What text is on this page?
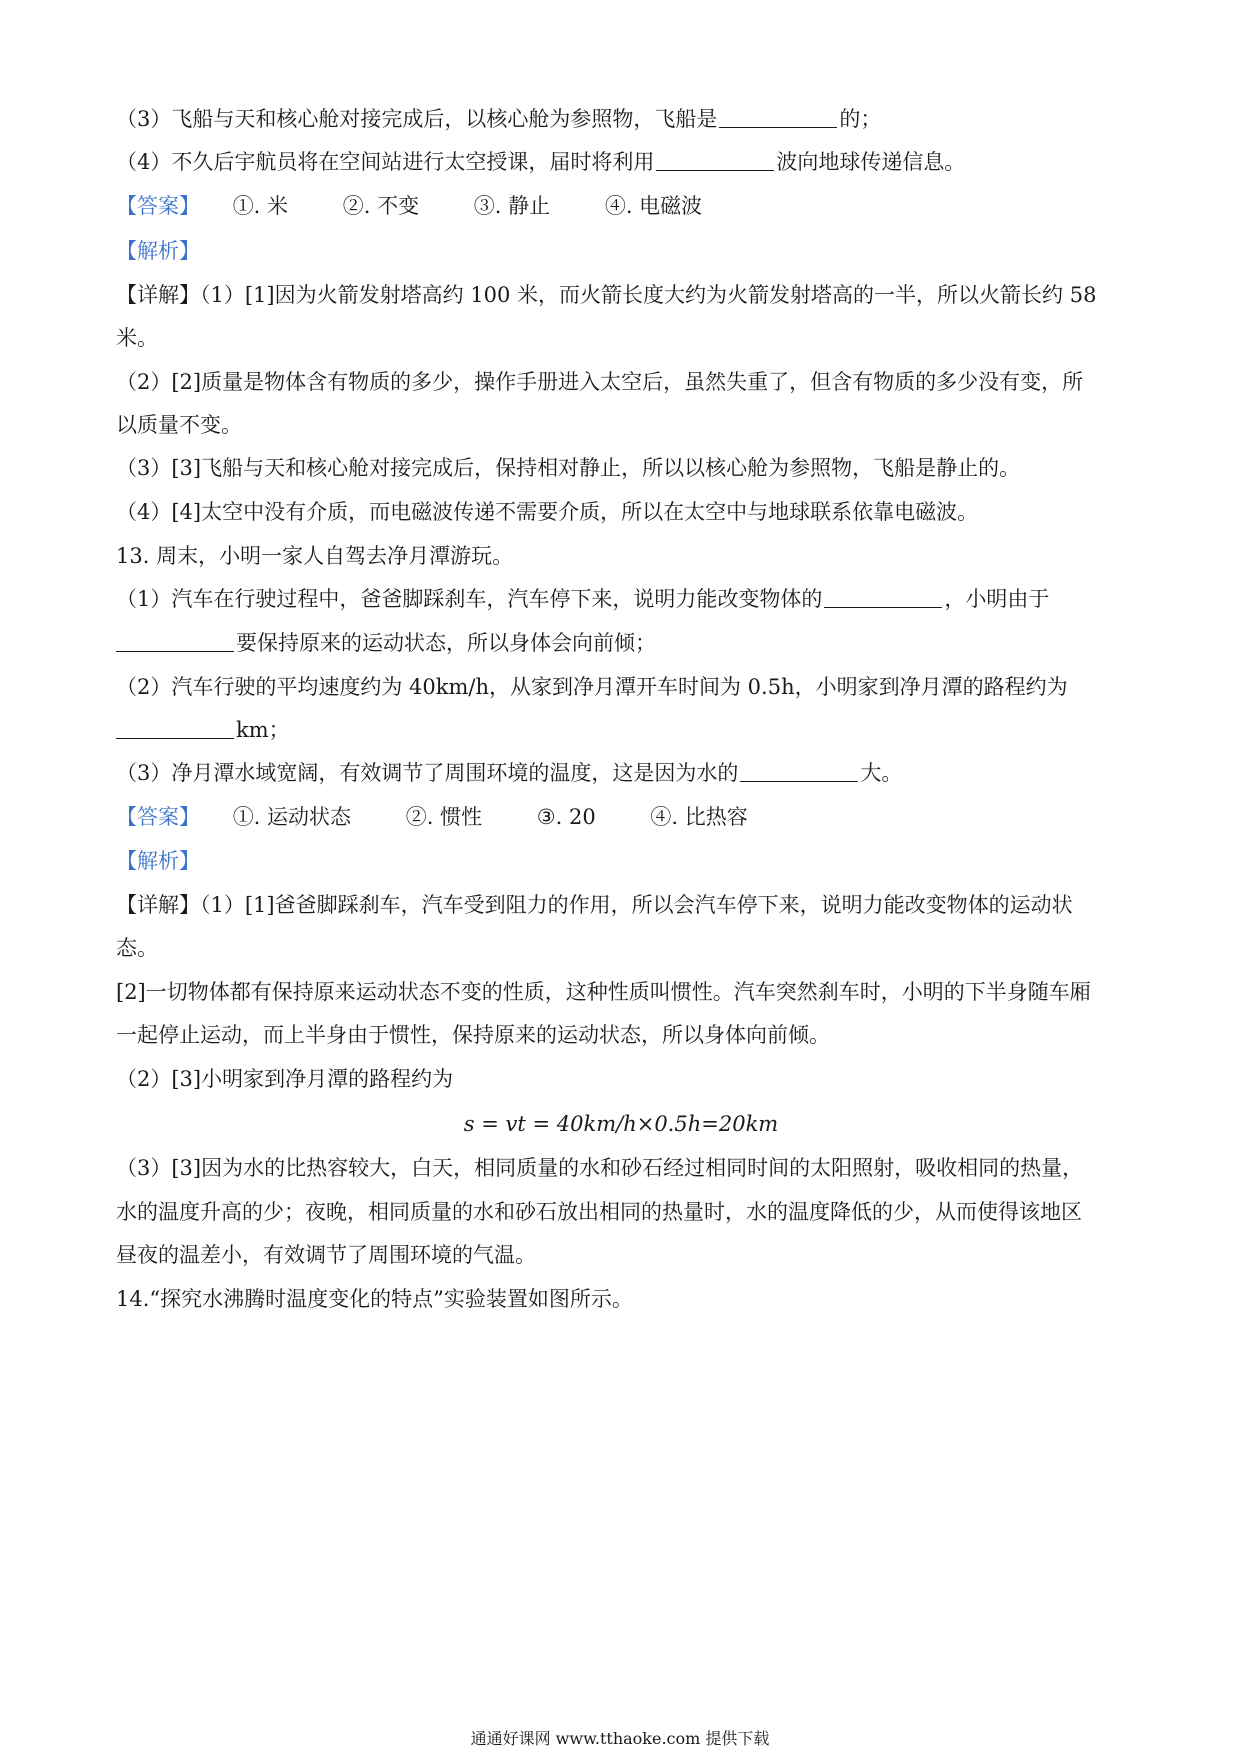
（3）飞船与天和核心舱对接完成后，以核心舱为参照物，飞船是	的；
（4）不久后宇航员将在空间站进行太空授课，届时将利用	波向地球传递信息。
【答案】 ①. 米	②. 不变	③. 静止	④. 电磁波
【解析】
【详解】（1）[1]因为火箭发射塔高约 100 米，而火箭长度大约为火箭发射塔高的一半，所以火箭长约 58
米。
（2）[2]质量是物体含有物质的多少，操作手册进入太空后，虽然失重了，但含有物质的多少没有变，所
以质量不变。
（3）[3]飞船与天和核心舱对接完成后，保持相对静止，所以以核心舱为参照物，飞船是静止的。
（4）[4]太空中没有介质，而电磁波传递不需要介质，所以在太空中与地球联系依靠电磁波。
13. 周末，小明一家人自驾去净月潭游玩。
（1）汽车在行驶过程中，爸爸脚踩刹车，汽车停下来，说明力能改变物体的	，小明由于
要保持原来的运动状态，所以身体会向前倾；
（2）汽车行驶的平均速度约为 40km/h，从家到净月潭开车时间为 0.5h，小明家到净月潭的路程约为
km；
（3）净月潭水域宽阔，有效调节了周围环境的温度，这是因为水的	大。
【答案】 ①. 运动状态	②. 惯性	③. 20	④. 比热容
【解析】
【详解】（1）[1]爸爸脚踩刹车，汽车受到阻力的作用，所以会汽车停下来，说明力能改变物体的运动状
态。
[2]一切物体都有保持原来运动状态不变的性质，这种性质叫惯性。汽车突然刹车时，小明的下半身随车厢
一起停止运动，而上半身由于惯性，保持原来的运动状态，所以身体向前倾。
（2）[3]小明家到净月潭的路程约为
s = vt = 40km/h×0.5h=20km
（3）[3]因为水的比热容较大，白天，相同质量的水和砂石经过相同时间的太阳照射，吸收相同的热量，
水的温度升高的少；夜晚，相同质量的水和砂石放出相同的热量时，水的温度降低的少，从而使得该地区
昼夜的温差小，有效调节了周围环境的气温。
14.“探究水沸腾时温度变化的特点”实验装置如图所示。
通通好课网 www.tthaoke.com 提供下载
